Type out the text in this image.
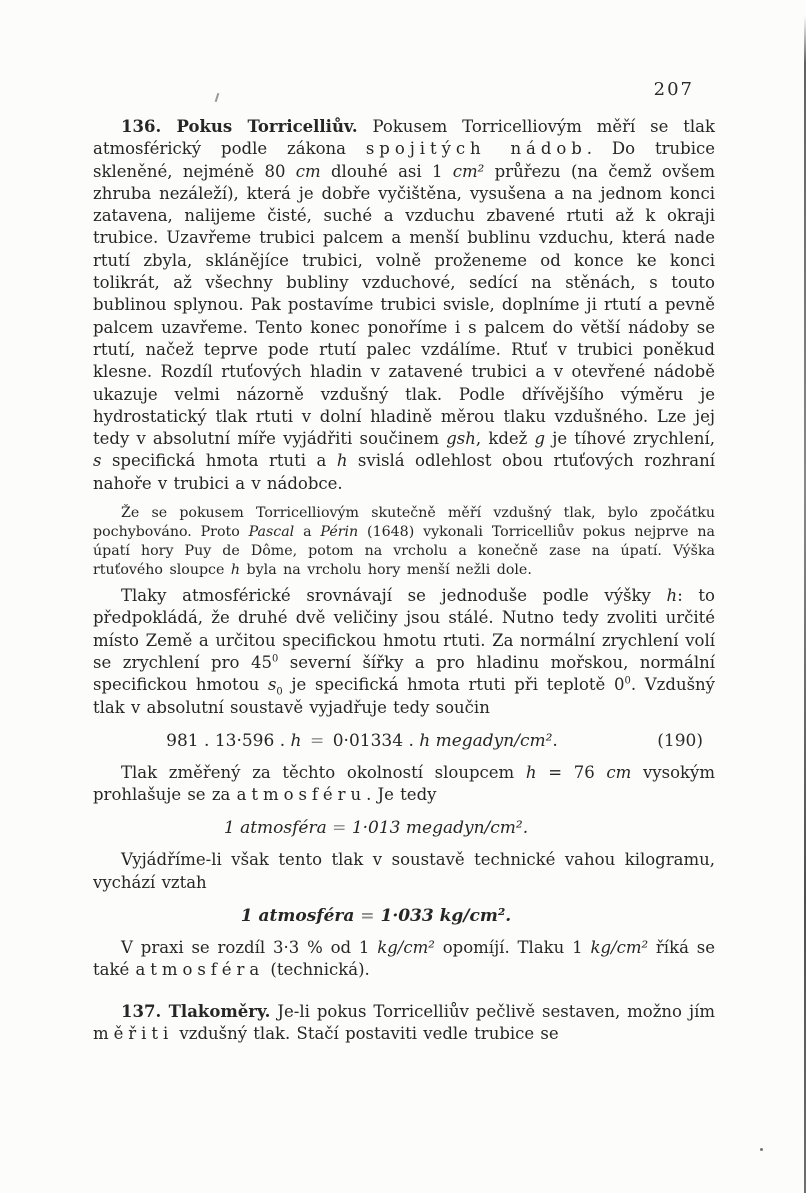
207

136. Pokus Torricelliův. Pokusem Torricelliovým měří se tlak atmosférický podle zákona spojitých nádob. Do trubice skleněné, nejméně 80 cm dlouhé asi 1 cm² průřezu (na čemž ovšem zhruba nezáleží), která je dobře vyčištěna, vysušena a na jednom konci zatavena, nalijeme čisté, suché a vzduchu zbavené rtuti až k okraji trubice. Uzavřeme trubici palcem a menší bublinu vzduchu, která nade rtutí zbyla, sklánějíce trubici, volně proženeme od konce ke konci tolikrát, až všechny bubliny vzduchové, sedící na stěnách, s touto bublinou splynou. Pak postavíme trubici svisle, doplníme ji rtutí a pevně palcem uzavřeme. Tento konec ponoříme i s palcem do větší nádoby se rtutí, načež teprve pode rtutí palec vzdálíme. Rtuť v trubici poněkud klesne. Rozdíl rtuťových hladin v zatavené trubici a v otevřené nádobě ukazuje velmi názorně vzdušný tlak. Podle dřívějšího výměru je hydrostatický tlak rtuti v dolní hladině měrou tlaku vzdušného. Lze jej tedy v absolutní míře vyjádřiti součinem gsh, kdež g je tíhové zrychlení, s specifická hmota rtuti a h svislá odlehlost obou rtuťových rozhraní nahoře v trubici a v nádobce.

Že se pokusem Torricelliovým skutečně měří vzdušný tlak, bylo zpočátku pochybováno. Proto Pascal a Périn (1648) vykonali Torricelliův pokus nejprve na úpatí hory Puy de Dôme, potom na vrcholu a konečně zase na úpatí. Výška rtuťového sloupce h byla na vrcholu hory menší nežli dole.

Tlaky atmosférické srovnávají se jednoduše podle výšky h: to předpokládá, že druhé dvě veličiny jsou stálé. Nutno tedy zvoliti určité místo Země a určitou specifickou hmotu rtuti. Za normální zrychlení volí se zrychlení pro $45^0$ severní šířky a pro hladinu mořskou, normální specifickou hmotou $s_0$ je specifická hmota rtuti při teplotě $0^0$. Vzdušný tlak v absolutní soustavě vyjadřuje tedy součin

981 . 13·596 . h = 0·01334 . h megadyn/cm².	(190)

Tlak změřený za těchto okolností sloupcem h = 76 cm vysokým prohlašuje se za atmosféru. Je tedy

1 atmosféra = 1·013 megadyn/cm².

Vyjádříme-li však tento tlak v soustavě technické vahou kilogramu, vychází vztah

1 atmosféra = 1·033 kg/cm².

V praxi se rozdíl 3·3 % od 1 kg/cm² opomíjí. Tlaku 1 kg/cm² říká se také atmosféra (technická).

137. Tlakoměry. Je-li pokus Torricelliův pečlivě sestaven, možno jím měřiti vzdušný tlak. Stačí postaviti vedle trubice se
